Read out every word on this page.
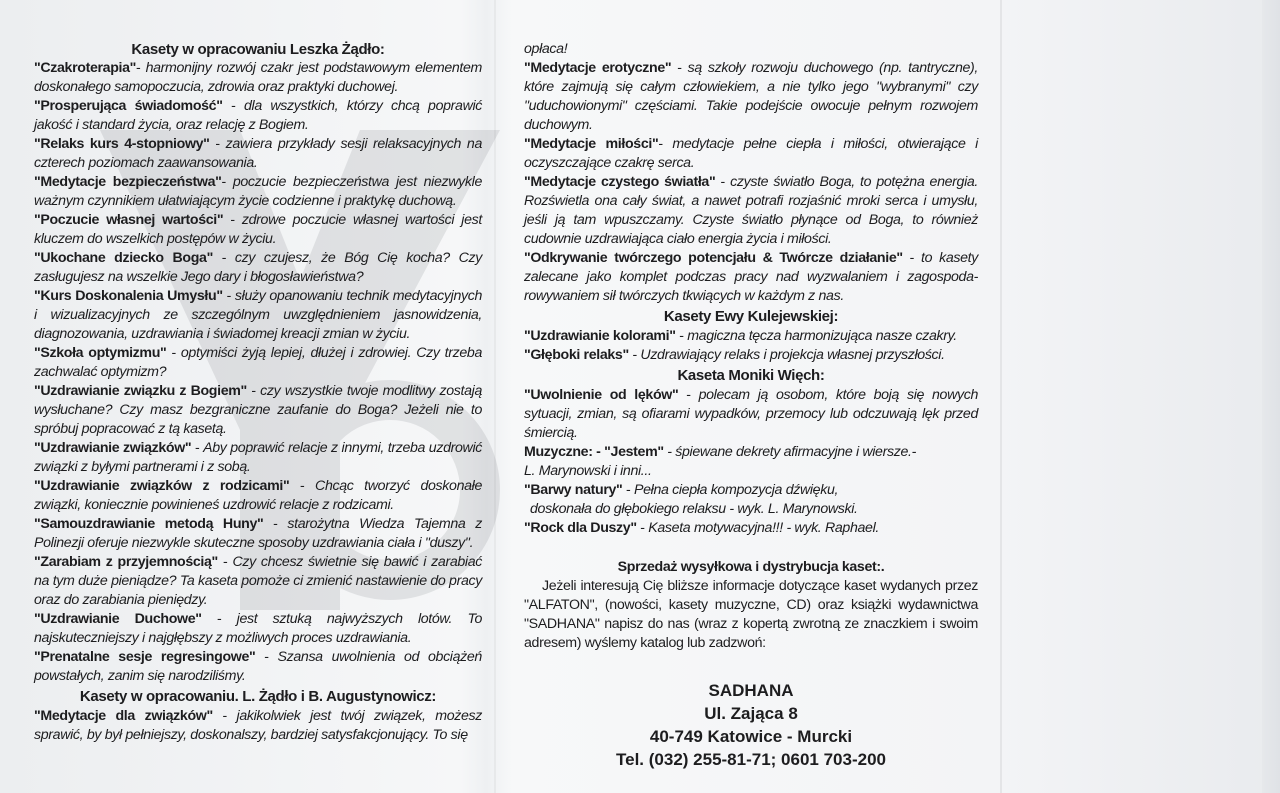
Kasety w opracowaniu Leszka Żądło:

"Czakroterapia"- harmonijny rozwój czakr jest podstawowym elementem doskonałego samopoczucia, zdrowia oraz praktyki duchowej.

"Prosperująca świadomość" - dla wszystkich, którzy chcą poprawić jakość i standard życia, oraz relację z Bogiem.

"Relaks kurs 4-stopniowy" - zawiera przykłady sesji relaksacyjnych na czterech poziomach zaawansowania.

"Medytacje bezpieczeństwa"- poczucie bezpieczeństwa jest niezwykle ważnym czynnikiem ułatwiającym życie codzienne i praktykę duchową.

"Poczucie własnej wartości" - zdrowe poczucie własnej wartości jest kluczem do wszelkich postępów w życiu.

"Ukochane dziecko Boga" - czy czujesz, że Bóg Cię kocha? Czy zasługujesz na wszelkie Jego dary i błogosławieństwa?

"Kurs Doskonalenia Umysłu" - służy opanowaniu technik medytacyjnych i wizualizacyjnych ze szczególnym uwzględnieniem jasnowidzenia, diagnozowania, uzdrawiania i świadomej kreacji zmian w życiu.

"Szkoła optymizmu" - optymiści żyją lepiej, dłużej i zdrowiej. Czy trzeba zachwalać optymizm?

"Uzdrawianie związku z Bogiem" - czy wszystkie twoje modlitwy zostają wysłuchane? Czy masz bezgraniczne zaufanie do Boga? Jeżeli nie to spróbuj popracować z tą kasetą.

"Uzdrawianie związków" - Aby poprawić relacje z innymi, trzeba uzdrowić związki z byłymi partnerami i z sobą.

"Uzdrawianie związków z rodzicami" - Chcąc tworzyć doskonałe związki, koniecznie powinieneś uzdrowić relacje z rodzicami.

"Samouzdrawianie metodą Huny" - starożytna Wiedza Tajemna z Polinezji oferuje niezwykle skuteczne sposoby uzdrawiania ciała i "duszy".

"Zarabiam z przyjemnością" - Czy chcesz świetnie się bawić i zarabiać na tym duże pieniądze? Ta kaseta pomoże ci zmienić nastawienie do pracy oraz do zarabiania pieniędzy.

"Uzdrawianie Duchowe" - jest sztuką najwyższych lotów. To najskuteczniejszy i najgłębszy z możliwych proces uzdrawiania.

"Prenatalne sesje regresingowe" - Szansa uwolnienia od obciążeń powstałych, zanim się narodziliśmy.

Kasety w opracowaniu. L. Żądło i B. Augustynowicz:

"Medytacje dla związków" - jakikolwiek jest twój związek, możesz sprawić, by był pełniejszy, doskonalszy, bardziej satysfakcjonujący. To się

opłaca!

"Medytacje erotyczne" - są szkoły rozwoju duchowego (np. tantryczne), które zajmują się całym człowiekiem, a nie tylko jego "wybranymi" czy "uduchowionymi" częściami. Takie podejście owocuje pełnym rozwojem duchowym.

"Medytacje miłości"- medytacje pełne ciepła i miłości, otwierające i oczyszczające czakrę serca.

"Medytacje czystego światła" - czyste światło Boga, to potężna energia. Rozświetla ona cały świat, a nawet potrafi rozjaśnić mroki serca i umysłu, jeśli ją tam wpuszczamy. Czyste światło płynące od Boga, to również cudownie uzdrawiająca ciało energia życia i miłości.

"Odkrywanie twórczego potencjału & Twórcze działanie" - to kasety zalecane jako komplet podczas pracy nad wyzwalaniem i zagospoda-rowywaniem sił twórczych tkwiących w każdym z nas.

Kasety Ewy Kulejewskiej:

"Uzdrawianie kolorami" - magiczna tęcza harmonizująca nasze czakry.

"Głęboki relaks" - Uzdrawiający relaks i projekcja własnej przyszłości.

Kaseta Moniki Więch:

"Uwolnienie od lęków" - polecam ją osobom, które boją się nowych sytuacji, zmian, są ofiarami wypadków, przemocy lub odczuwają lęk przed śmiercią.

Muzyczne: - "Jestem" - śpiewane dekrety afirmacyjne i wiersze.-

L. Marynowski i inni...

"Barwy natury" - Pełna ciepła kompozycja dźwięku,

doskonała do głębokiego relaksu - wyk. L. Marynowski.

"Rock dla Duszy" - Kaseta motywacyjna!!! - wyk. Raphael.

Sprzedaż wysyłkowa i dystrybucja kaset:.

Jeżeli interesują Cię bliższe informacje dotyczące kaset wydanych przez "ALFATON", (nowości, kasety muzyczne, CD) oraz książki wydawnictwa "SADHANA" napisz do nas (wraz z kopertą zwrotną ze znaczkiem i swoim adresem) wyślemy katalog lub zadzwoń:

SADHANA
Ul. Zająca 8
40-749 Katowice - Murcki
Tel. (032) 255-81-71; 0601 703-200
